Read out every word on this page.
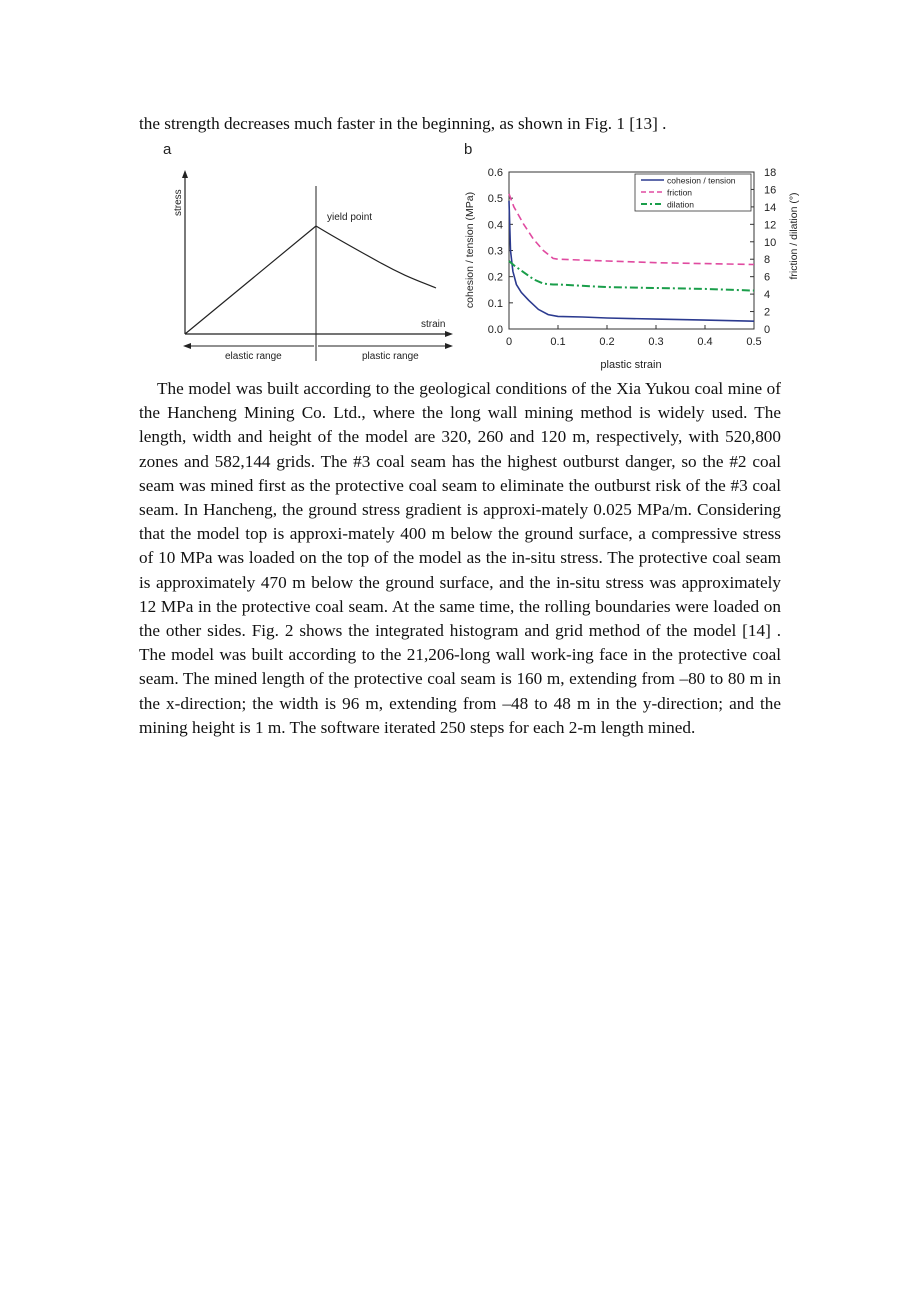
the strength decreases much faster in the beginning, as shown in Fig. 1 [13] .
a
stress
strain
yield point
elastic range	plastic range
b
0.0
0.1
0.2
0.3
0.4
0.5
0.6
0
2
4
6
8
10
12
14
16
18
0	0.1	0.2	0.3	0.4	0.5
cohesion / tension (MPa)	friction / dilation (°)
plastic strain
cohesion / tension
friction
dilation
The model was built according to the geological conditions of the Xia Yukou coal mine of the Hancheng Mining Co. Ltd., where the long wall mining method is widely used. The length, width and height of the model are 320, 260 and 120 m, respectively, with 520,800 zones and 582,144 grids. The #3 coal seam has the highest outburst danger, so the #2 coal seam was mined first as the protective coal seam to eliminate the outburst risk of the #3 coal seam. In Hancheng, the ground stress gradient is approxi-mately 0.025 MPa/m. Considering that the model top is approxi-mately 400 m below the ground surface, a compressive stress of 10 MPa was loaded on the top of the model as the in-situ stress. The protective coal seam is approximately 470 m below the ground surface, and the in-situ stress was approximately 12 MPa in the protective coal seam. At the same time, the rolling boundaries were loaded on the other sides. Fig. 2 shows the integrated histogram and grid method of the model [14] . The model was built according to the 21,206-long wall work-ing face in the protective coal seam. The mined length of the protective coal seam is 160 m, extending from –80 to 80 m in the x-direction; the width is 96 m, extending from –48 to 48 m in the y-direction; and the mining height is 1 m. The software iterated 250 steps for each 2-m length mined.
